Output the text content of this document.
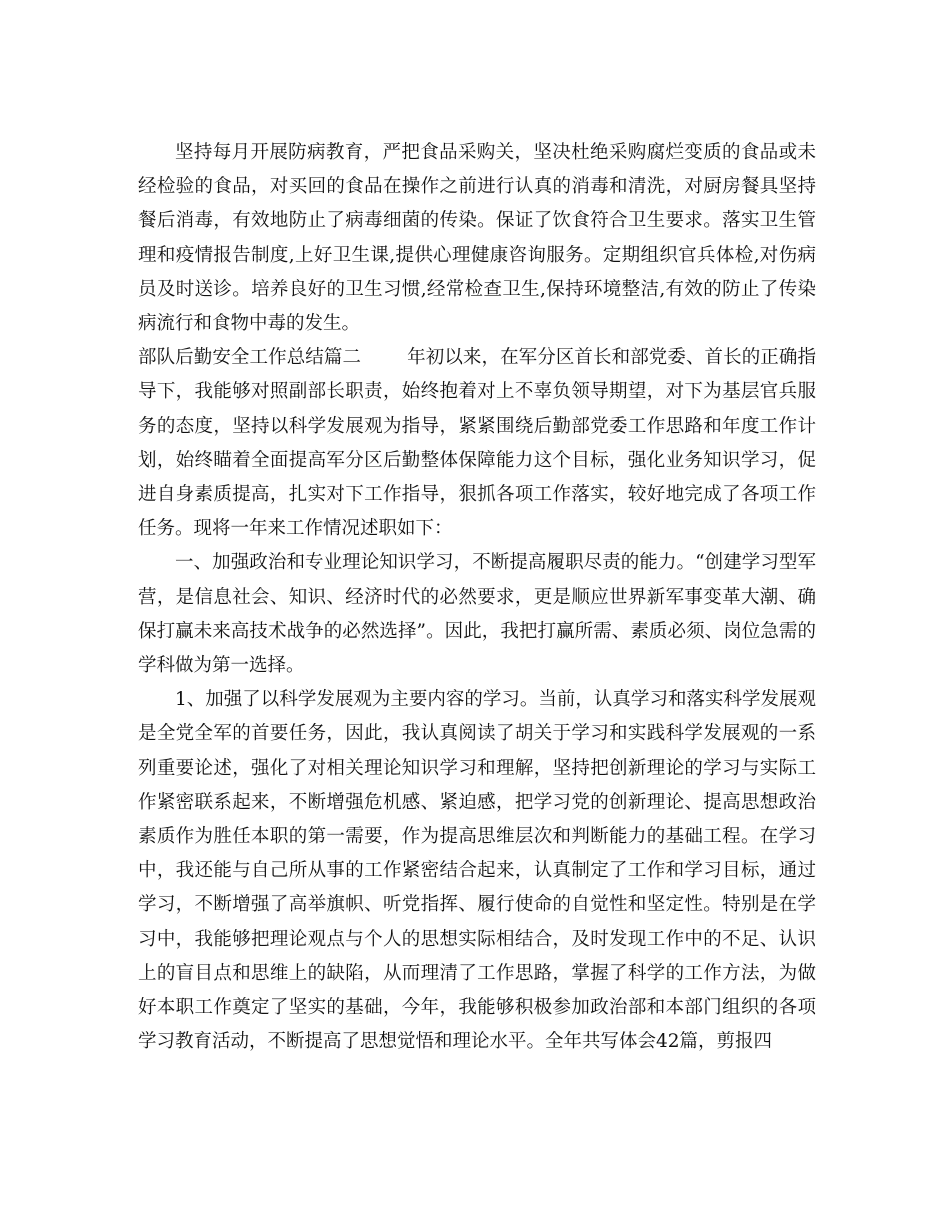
坚持每月开展防病教育，严把食品采购关，坚决杜绝采购腐烂变质的食品或未经检验的食品，对买回的食品在操作之前进行认真的消毒和清洗，对厨房餐具坚持餐后消毒，有效地防止了病毒细菌的传染。保证了饮食符合卫生要求。落实卫生管理和疫情报告制度,上好卫生课,提供心理健康咨询服务。定期组织官兵体检,对伤病员及时送诊。培养良好的卫生习惯,经常检查卫生,保持环境整洁,有效的防止了传染病流行和食物中毒的发生。

部队后勤安全工作总结篇二 年初以来，在军分区首长和部党委、首长的正确指导下，我能够对照副部长职责，始终抱着对上不辜负领导期望，对下为基层官兵服务的态度，坚持以科学发展观为指导，紧紧围绕后勤部党委工作思路和年度工作计划，始终瞄着全面提高军分区后勤整体保障能力这个目标，强化业务知识学习，促进自身素质提高，扎实对下工作指导，狠抓各项工作落实，较好地完成了各项工作任务。现将一年来工作情况述职如下：

一、加强政治和专业理论知识学习，不断提高履职尽责的能力。“创建学习型军营，是信息社会、知识、经济时代的必然要求，更是顺应世界新军事变革大潮、确保打赢未来高技术战争的必然选择”。因此，我把打赢所需、素质必须、岗位急需的学科做为第一选择。

1、加强了以科学发展观为主要内容的学习。当前，认真学习和落实科学发展观是全党全军的首要任务，因此，我认真阅读了胡关于学习和实践科学发展观的一系列重要论述，强化了对相关理论知识学习和理解，坚持把创新理论的学习与实际工作紧密联系起来，不断增强危机感、紧迫感，把学习党的创新理论、提高思想政治素质作为胜任本职的第一需要，作为提高思维层次和判断能力的基础工程。在学习中，我还能与自己所从事的工作紧密结合起来，认真制定了工作和学习目标，通过学习，不断增强了高举旗帜、听党指挥、履行使命的自觉性和坚定性。特别是在学习中，我能够把理论观点与个人的思想实际相结合，及时发现工作中的不足、认识上的盲目点和思维上的缺陷，从而理清了工作思路，掌握了科学的工作方法，为做好本职工作奠定了坚实的基础，今年，我能够积极参加政治部和本部门组织的各项学习教育活动，不断提高了思想觉悟和理论水平。全年共写体会42篇，剪报四
